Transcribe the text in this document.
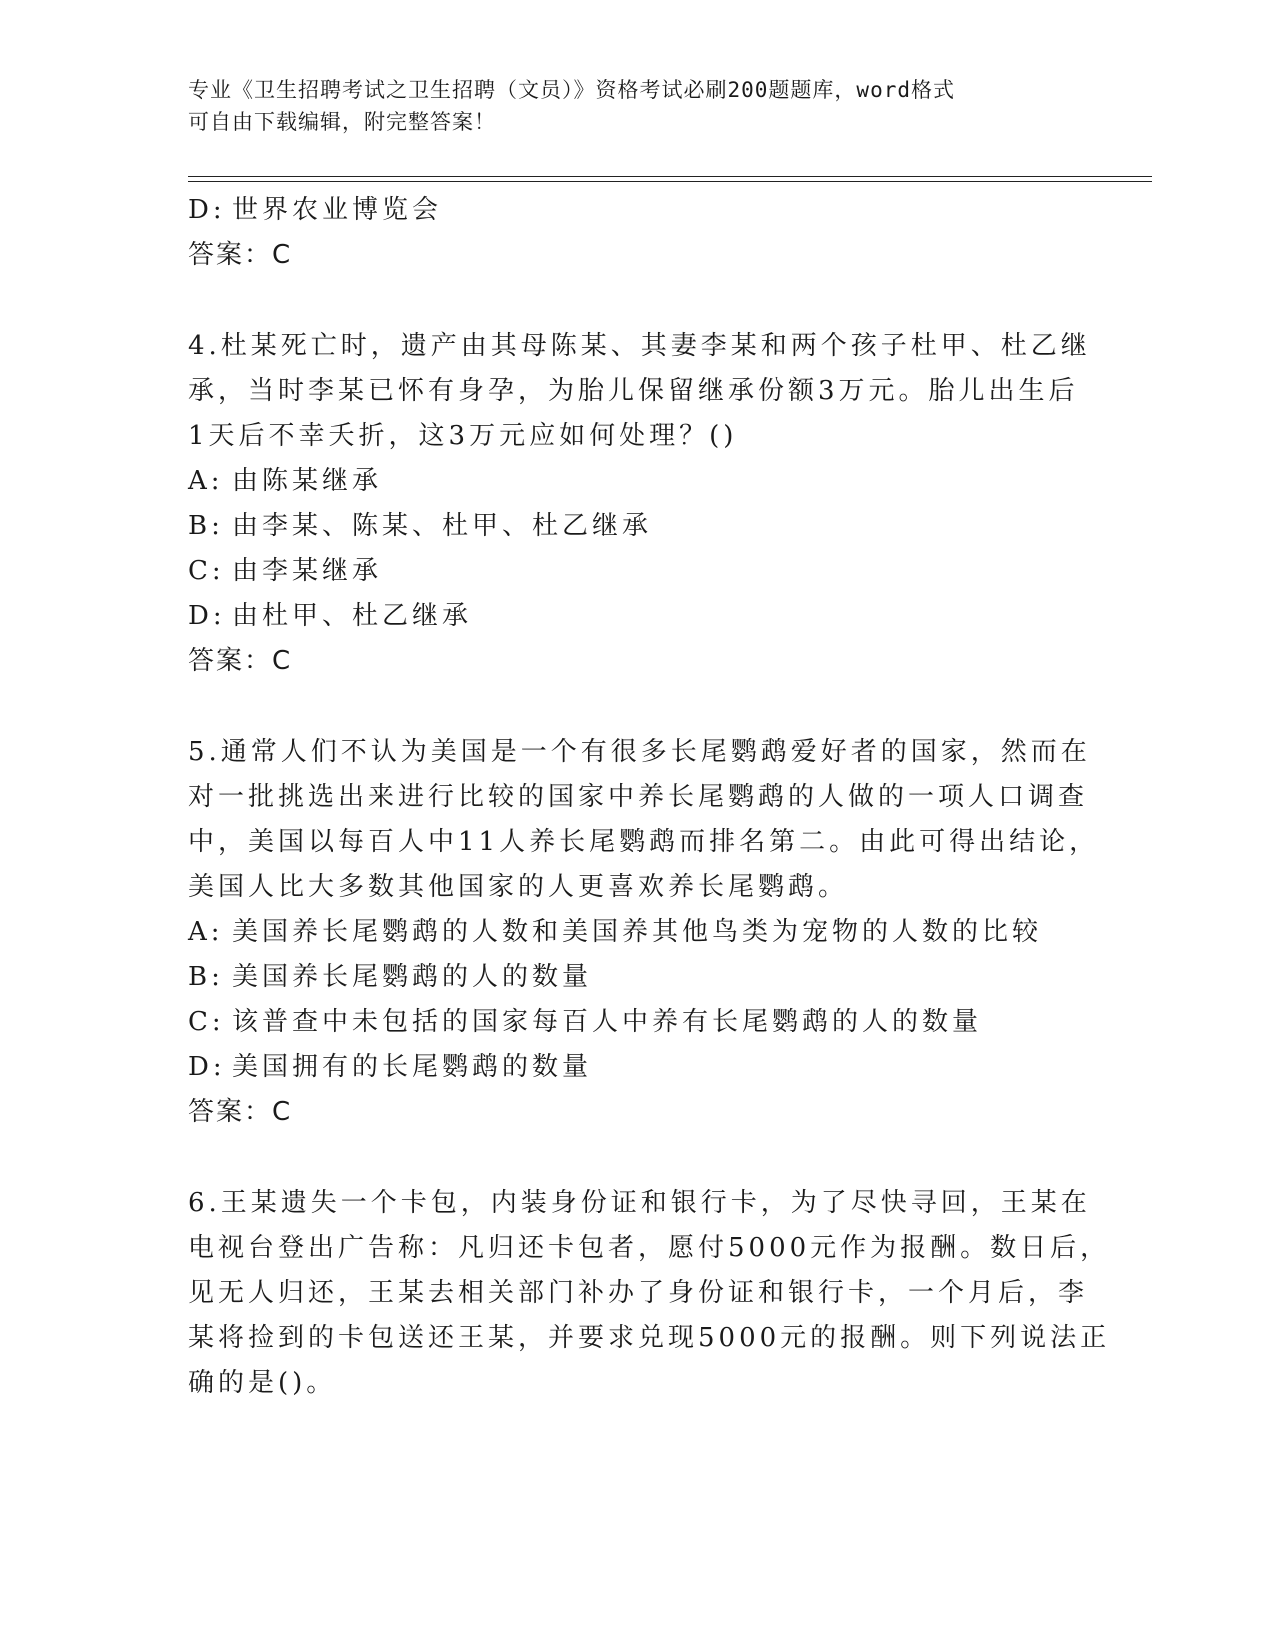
专业《卫生招聘考试之卫生招聘（文员）》资格考试必刷200题题库，word格式
可自由下载编辑，附完整答案！
D: 世界农业博览会
答案：C
4.杜某死亡时，遗产由其母陈某、其妻李某和两个孩子杜甲、杜乙继
承，当时李某已怀有身孕，为胎儿保留继承份额3万元。胎儿出生后
1天后不幸夭折，这3万元应如何处理？()
A: 由陈某继承
B: 由李某、陈某、杜甲、杜乙继承
C: 由李某继承
D: 由杜甲、杜乙继承
答案：C
5.通常人们不认为美国是一个有很多长尾鹦鹉爱好者的国家，然而在
对一批挑选出来进行比较的国家中养长尾鹦鹉的人做的一项人口调查
中，美国以每百人中11人养长尾鹦鹉而排名第二。由此可得出结论，
美国人比大多数其他国家的人更喜欢养长尾鹦鹉。
A: 美国养长尾鹦鹉的人数和美国养其他鸟类为宠物的人数的比较
B: 美国养长尾鹦鹉的人的数量
C: 该普查中未包括的国家每百人中养有长尾鹦鹉的人的数量
D: 美国拥有的长尾鹦鹉的数量
答案：C
6.王某遗失一个卡包，内装身份证和银行卡，为了尽快寻回，王某在
电视台登出广告称：凡归还卡包者，愿付5000元作为报酬。数日后，
见无人归还，王某去相关部门补办了身份证和银行卡，一个月后，李
某将捡到的卡包送还王某，并要求兑现5000元的报酬。则下列说法正
确的是()。
